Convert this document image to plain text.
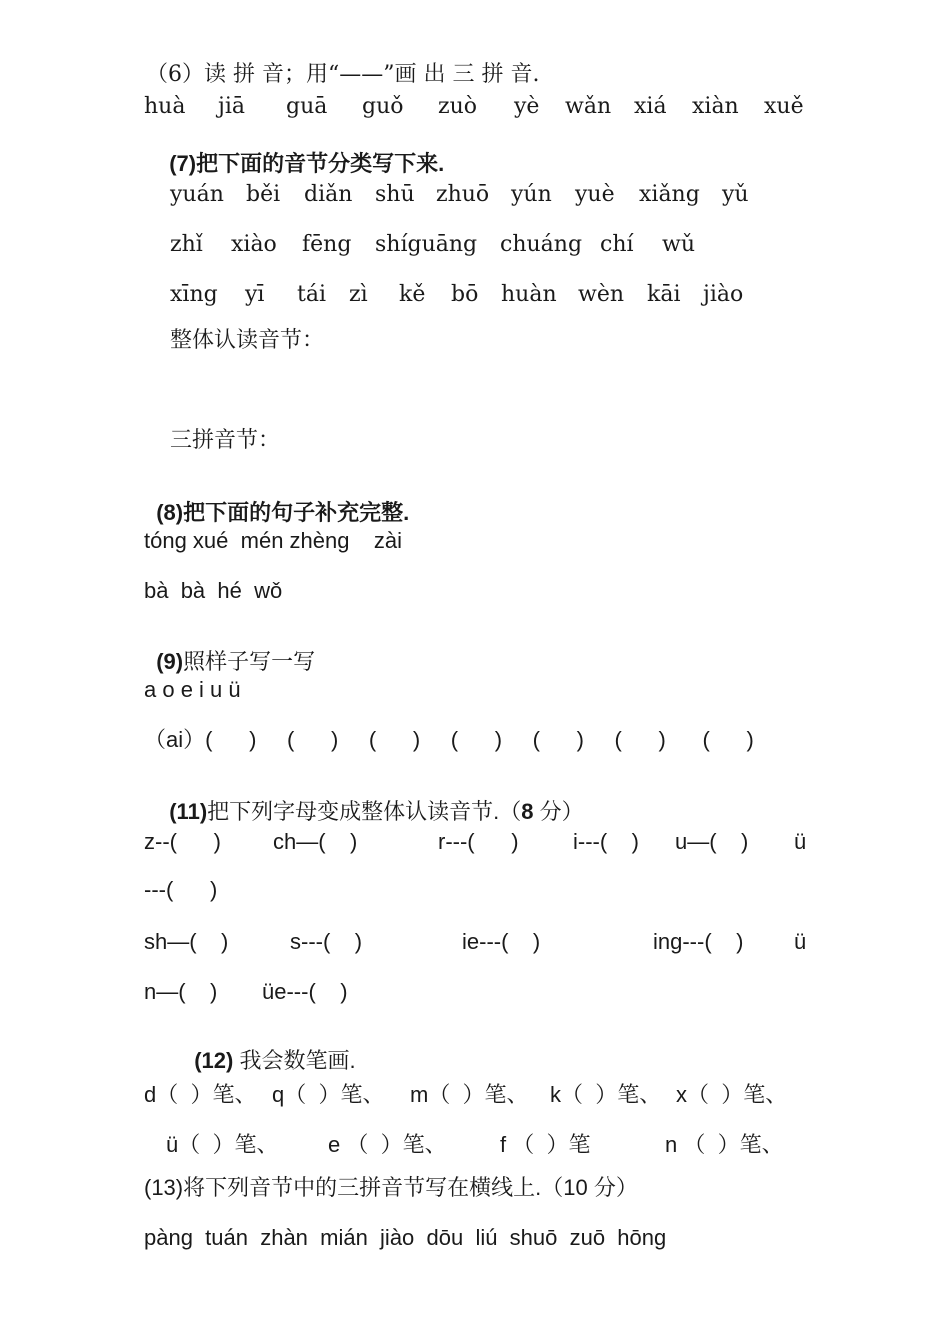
（6）读 拼 音；用“——”画 出 三 拼 音.
huà jiā guā guǒ zuò yè wǎn xiá xiàn xuě

(7)把下面的音节分类写下来.

yuán běi diǎn shū zhuō yún yuè xiǎng yǔ
zhǐ xiào fēng shíguāng chuáng chí wǔ
xīng yī tái zì kě bō huàn wèn kāi jiào
整体认读音节：
三拼音节：

(8)把下面的句子补充完整.

tóng xué  mén zhèng    zài
bà  bà  hé  wǒ

(9)照样子写一写

a o e i u ü
（ai）(      )     (      )     (      )     (      )     (      )     (      )      (      )

(11)把下列字母变成整体认读音节.（8 分）

z--(      ) ch—(    )	r---(      ) i---(    ) u—(    ) ü
---(      )
sh—(    )	s---(    )	ie---(    )	ing---(    ) ü
n—(    ) üe---(    )

(12) 我会数笔画.

d（  ）笔、 q（  ）笔、 m（  ）笔、 k（  ）笔、 x（  ）笔、
ü（  ）笔、 e （  ）笔、 f （  ）笔	n （  ）笔、
(13)将下列音节中的三拼音节写在横线上.（10 分）
pàng  tuán  zhàn  mián  jiào  dōu  liú  shuō  zuō  hōng
